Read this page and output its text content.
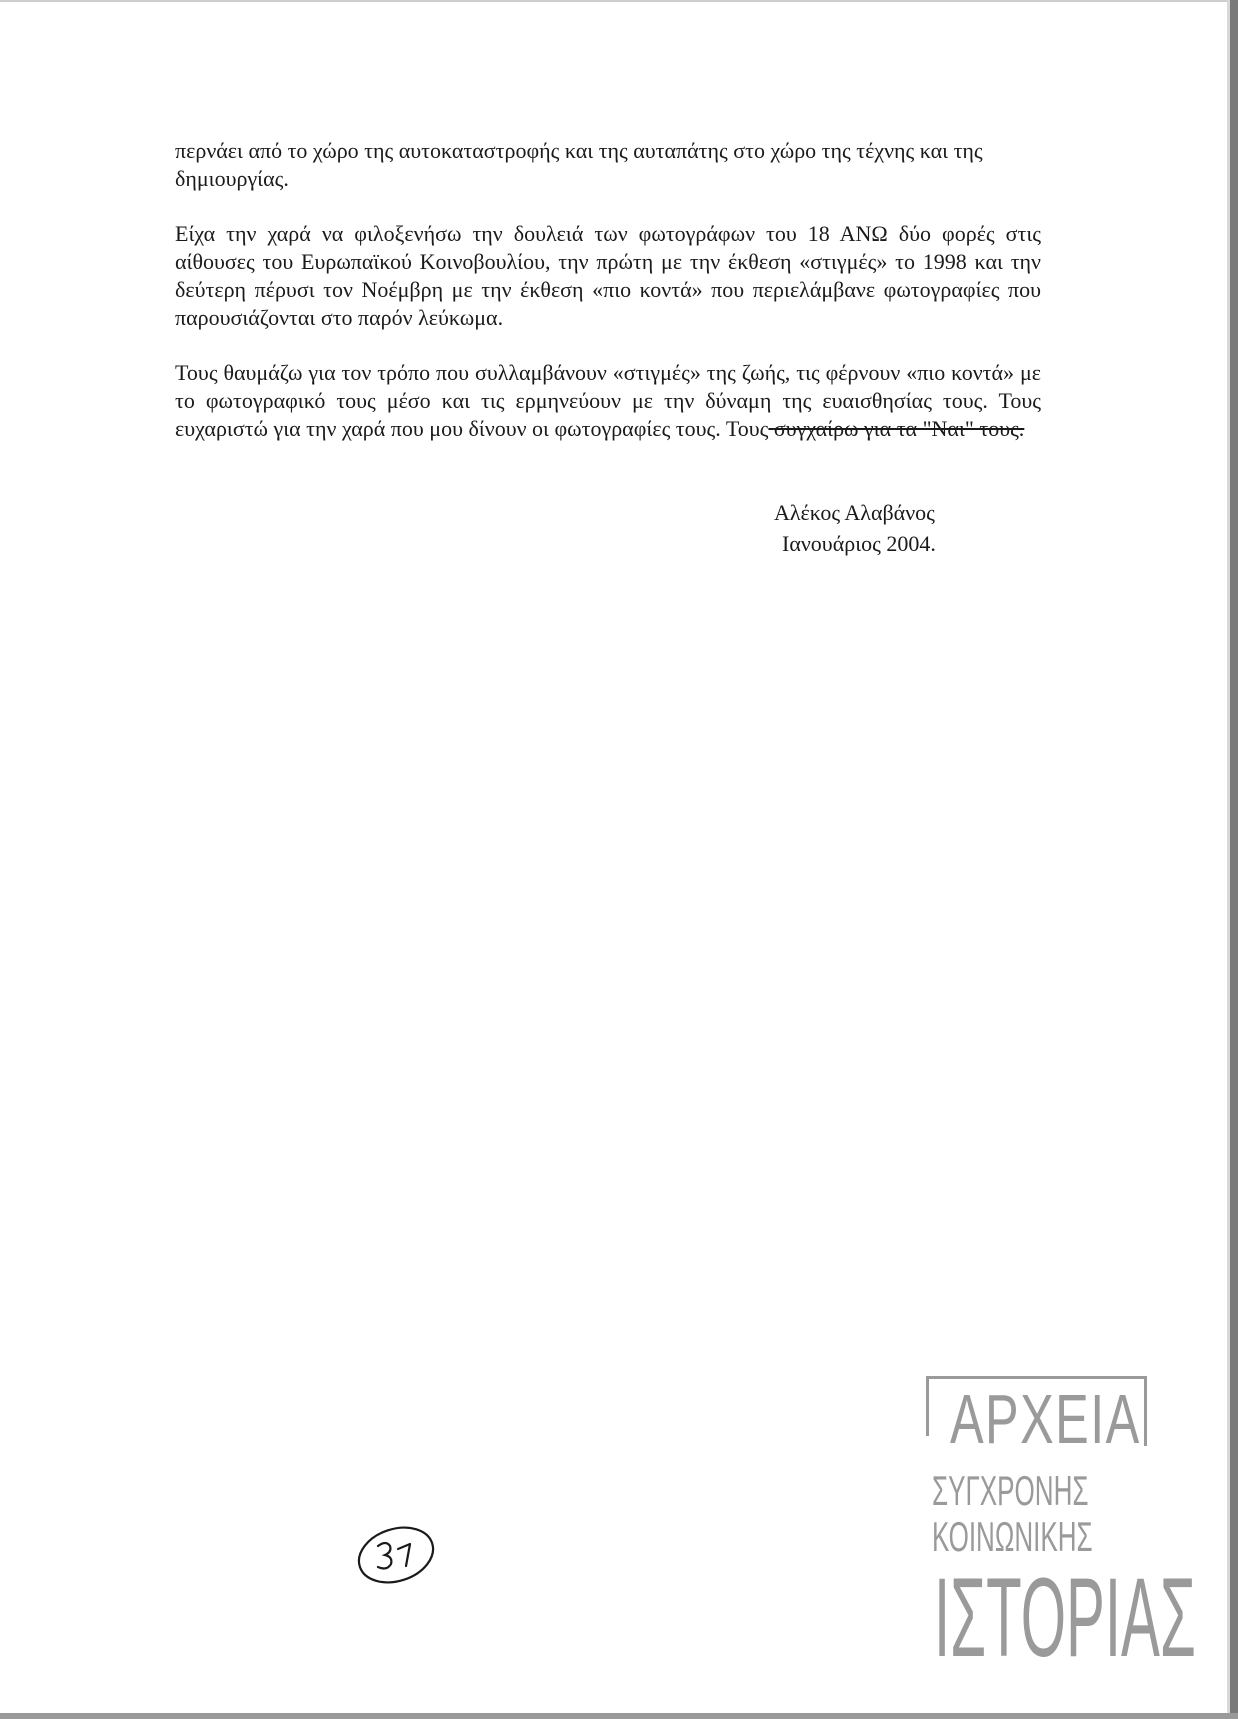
περνάει από το χώρο της αυτοκαταστροφής και της αυταπάτης στο χώρο της τέχνης και της δημιουργίας.

Είχα την χαρά να φιλοξενήσω την δουλειά των φωτογράφων του 18 ΑΝΩ δύο φορές στις αίθουσες του Ευρωπαϊκού Κοινοβουλίου, την πρώτη με την έκθεση «στιγμές» το 1998 και την δεύτερη πέρυσι τον Νοέμβρη με την έκθεση «πιο κοντά» που περιελάμβανε φωτογραφίες που παρουσιάζονται στο παρόν λεύκωμα.

Τους θαυμάζω για τον τρόπο που συλλαμβάνουν «στιγμές» της ζωής, τις φέρνουν «πιο κοντά» με το φωτογραφικό τους μέσο και τις ερμηνεύουν με την δύναμη της ευαισθησίας τους. Τους ευχαριστώ για την χαρά που μου δίνουν οι φωτογραφίες τους. Τους συγχαίρω για τα "Ναι" τους.

Αλέκος Αλαβάνος
Ιανουάριος 2004.
ΑΡΧΕΙΑ
ΣΥΓΧΡΟΝΗΣ
ΚΟΙΝΩΝΙΚΗΣ
ΙΣΤΟΡΙΑΣ
